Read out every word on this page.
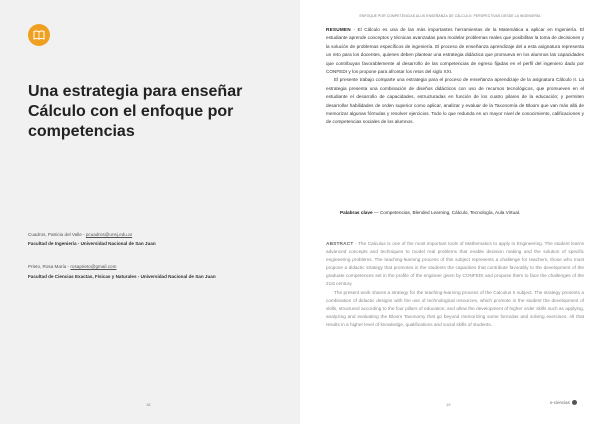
Una estrategia para enseñar Cálculo con el enfoque por competencias
Cuadros, Patricia del Valle - pcuadros@unsj.edu.ar
Facultad de Ingeniería - Universidad Nacional de San Juan
Prieto, Rosa María - rosaprieto@gmail.com
Facultad de Ciencias Exactas, Físicas y Naturales - Universidad Nacional de San Juan
18
ENFOQUE POR COMPETENCIAS ALUS ENSEÑANZA DE CÁLCULO: PERSPECTIVAS DESDE LA INGENIERÍA

RESUMEN - El Cálculo es una de las más importantes herramientas de la Matemática a aplicar en Ingeniería. El estudiante aprende conceptos y técnicas avanzadas para modelar problemas reales que posibilitan la toma de decisiones y la solución de problemas específicos de ingeniería. El proceso de enseñanza aprendizaje del a esta asignatura representa un reto para los docentes, quienes deben plantear una estrategia didáctica que promueva en los alumnos las capacidades que contribuyan favorablemente al desarrollo de las competencias de egreso fijadas en el perfil del ingeniero dado por CONFEDI y los propone para afrontar los retos del siglo XXI.

El presente trabajo comparte una estrategia para el proceso de enseñanza aprendizaje de la asignatura Cálculo II. La estrategia presenta una combinación de diseños didácticos con uso de recursos tecnológicos, que promueven en el estudiante el desarrollo de capacidades, estructuradas en función de los cuatro pilares de la educación; y permiten desarrollar habilidades de orden superior como aplicar, analizar y evaluar de la Taxonomía de Bloom que van más allá de memorizar algunas fórmulas y resolver ejercicios. Todo lo que redunda en un mayor nivel de conocimiento, calificaciones y de competencias sociales de los alumnos.

Palabras clave — Competencias, Blended Learning, Cálculo, Tecnología, Aula Virtual.

ABSTRACT - The Calculus is one of the most important tools of Mathematics to apply in Engineering. The student learns advanced concepts and techniques to model real problems that enable decision making and the solution of specific engineering problems. The teaching-learning process of this subject represents a challenge for teachers, those who must propose a didactic strategy that promotes in the students the capacities that contribute favorably to the development of the graduate competences set in the profile of the engineer given by CONFEDI and propose them to face the challenges of the 21st century.

The present work shares a strategy for the teaching-learning process of the Calculus II subject. The strategy presents a combination of didactic designs with the use of technological resources, which promote in the student the development of skills, structured according to the four pillars of education; and allow the development of higher order skills such as applying, analyzing and evaluating the Bloom Taxonomy that go beyond memorizing some formulas and solving exercises. All that results in a higher level of knowledge, qualifications and social skills of students.

19	e-ciencias
